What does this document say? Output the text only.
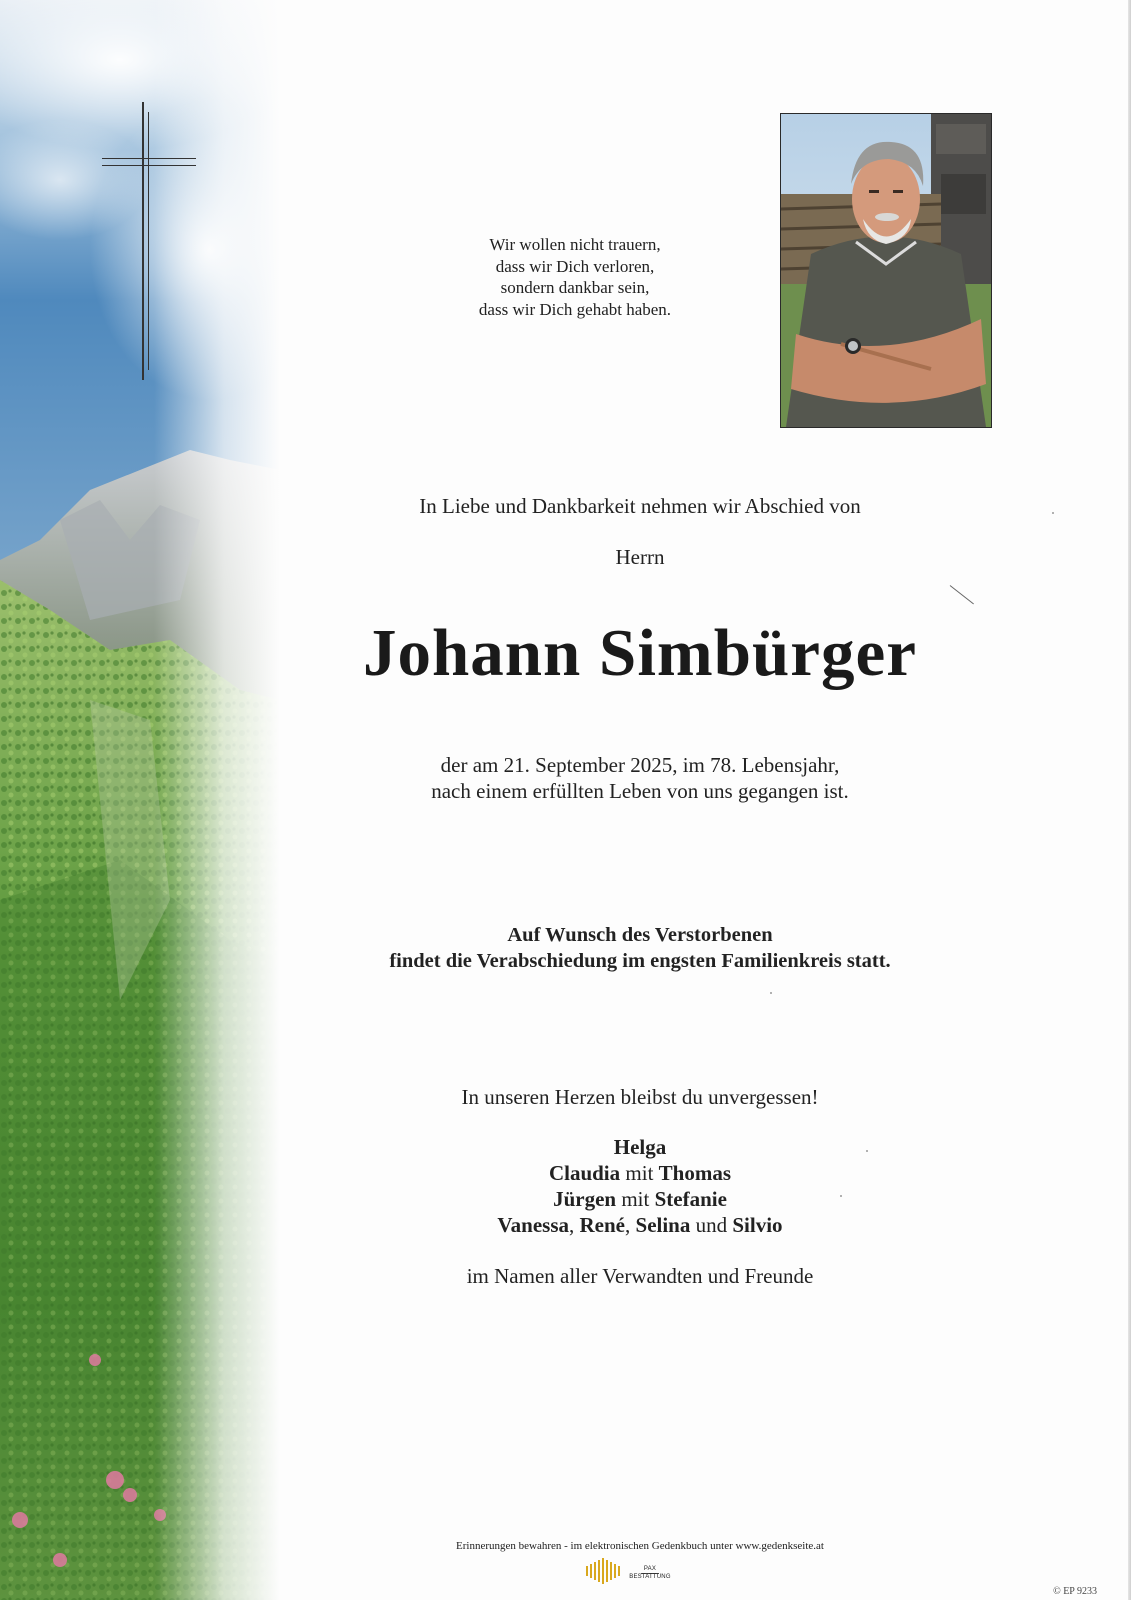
Wir wollen nicht trauern,
dass wir Dich verloren,
sondern dankbar sein,
dass wir Dich gehabt haben.
In Liebe und Dankbarkeit nehmen wir Abschied von
Herrn
Johann Simbürger
der am 21. September 2025, im 78. Lebensjahr,
nach einem erfüllten Leben von uns gegangen ist.
Auf Wunsch des Verstorbenen
findet die Verabschiedung im engsten Familienkreis statt.
In unseren Herzen bleibst du unvergessen!
Helga
Claudia mit Thomas
Jürgen mit Stefanie
Vanessa, René, Selina und Silvio
im Namen aller Verwandten und Freunde
Erinnerungen bewahren - im elektronischen Gedenkbuch unter www.gedenkseite.at
PAX
BESTATTUNG
© EP 9233
